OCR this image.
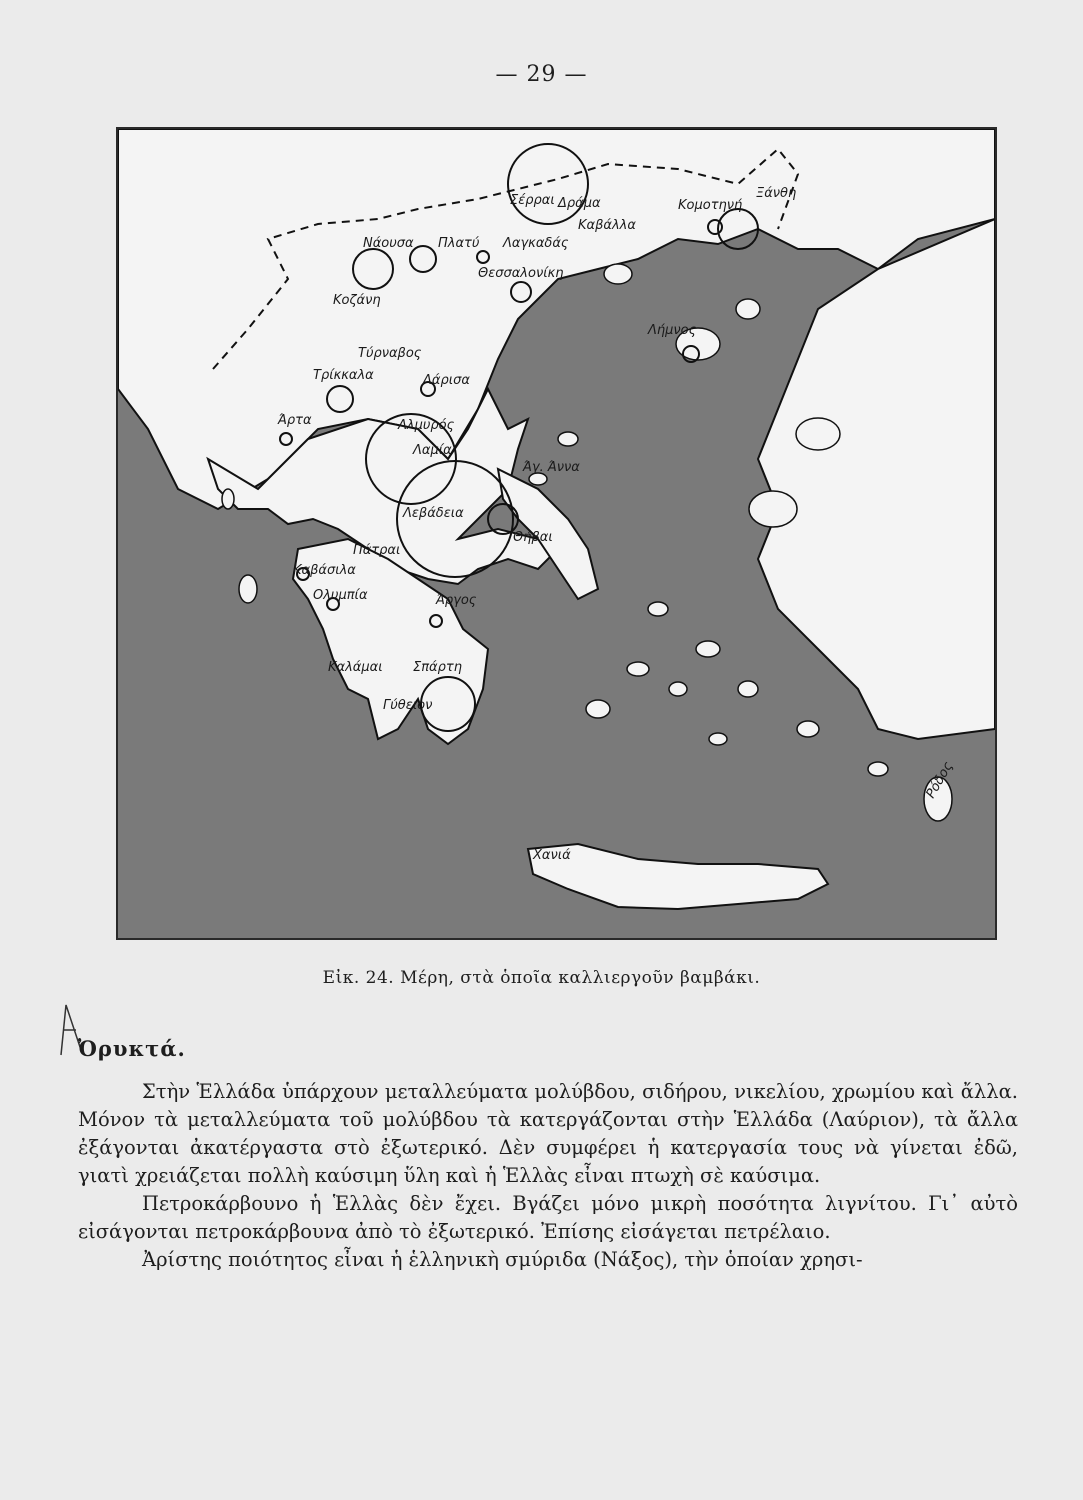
— 29 —
Σέρραι Δράμα
Καβάλλα
Κομοτηνή
Ξάνθη
Νάουσα Πλατύ Λαγκαδάς
Θεσσαλονίκη
Κοζάνη
Λήμνος
Τύρναβος
Τρίκκαλα	Λάρισα
Άρτα	Αλμυρός
Λαμία
Άγ. Άννα
Λεβάδεια
Θήβαι
Πάτραι
Καβάσιλα
Ολυμπία	Άργος
Καλάμαι Σπάρτη
Γύθειον
Χανιά
Ρόδος
Εἰκ. 24. Μέρη, στὰ ὁποῖα καλλιεργοῦν βαμβάκι.
Ὀρυκτά.

Στὴν Ἑλλάδα ὑπάρχουν μεταλλεύματα μολύβδου, σιδήρου, νικελίου, χρωμίου καὶ ἄλλα. Μόνον τὰ μεταλλεύματα τοῦ μολύβδου τὰ κατεργάζονται στὴν Ἑλλάδα (Λαύριον), τὰ ἄλλα ἐξάγονται ἀκατέργαστα στὸ ἐξωτερικό. Δὲν συμφέρει ἡ κατεργασία τους νὰ γίνεται ἐδῶ, γιατὶ χρειάζεται πολλὴ καύσιμη ὕλη καὶ ἡ Ἑλλὰς εἶναι πτωχὴ σὲ καύσιμα.

Πετροκάρβουνο ἡ Ἑλλὰς δὲν ἔχει. Βγάζει μόνο μικρὴ ποσότητα λιγνίτου. Γι᾽ αὐτὸ εἰσάγονται πετροκάρβουνα ἀπὸ τὸ ἐξωτερικό. Ἐπίσης εἰσάγεται πετρέλαιο.

Ἀρίστης ποιότητος εἶναι ἡ ἑλληνικὴ σμύριδα (Νάξος), τὴν ὁποίαν χρησι-
